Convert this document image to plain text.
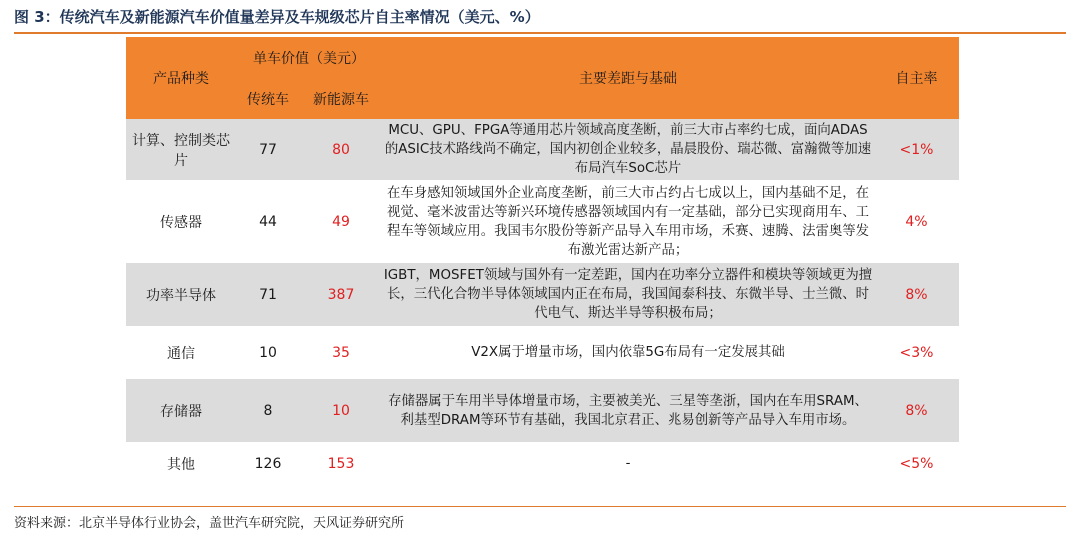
图 3：传统汽车及新能源汽车价值量差异及车规级芯片自主率情况（美元、%）
产品种类	单车价值（美元）		主要差距与基础	自主率
	传统车	新能源车		
计算、控制类芯片	77	80	MCU、GPU、FPGA等通用芯片领域高度垄断，前三大市占率约七成，面向ADAS的ASIC技术路线尚不确定，国内初创企业较多，晶晨股份、瑞芯微、富瀚微等加速布局汽车SoC芯片	<1%
传感器	44	49	在车身感知领域国外企业高度垄断，前三大市占约占七成以上，国内基础不足，在视觉、毫米波雷达等新兴环境传感器领域国内有一定基础，部分已实现商用车、工程车等领域应用。我国韦尔股份等新产品导入车用市场，禾赛、速腾、法雷奥等发布激光雷达新产品；	4%
功率半导体	71	387	IGBT，MOSFET领域与国外有一定差距，国内在功率分立器件和模块等领域更为擅长，三代化合物半导体领域国内正在布局，我国闻泰科技、东微半导、士兰微、时代电气、斯达半导等积极布局；	8%
通信	10	35	V2X属于增量市场，国内依靠5G布局有一定发展其础	<3%
存储器	8	10	存储器属于车用半导体增量市场，主要被美光、三星等垄浙，国内在车用SRAM、利基型DRAM等环节有基础，我国北京君正、兆易创新等产品导入车用市场。	8%
其他	126	153	-	<5%
资料来源：北京半导体行业协会，盖世汽车研究院，天风证券研究所
